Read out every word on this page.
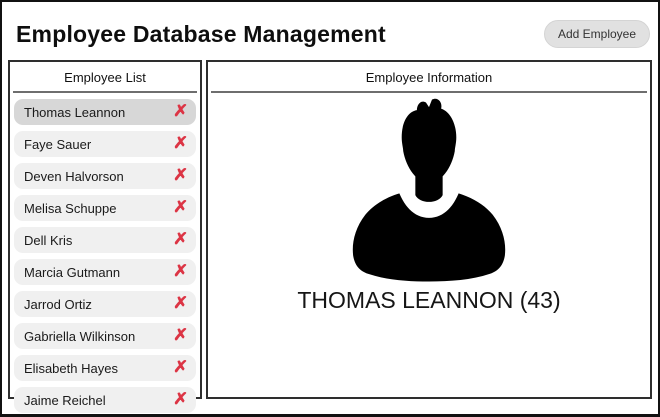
Employee Database Management	Add Employee
Employee List
Thomas Leannon	✗
Faye Sauer	✗
Deven Halvorson	✗
Melisa Schuppe	✗
Dell Kris	✗
Marcia Gutmann	✗
Jarrod Ortiz	✗
Gabriella Wilkinson ✗
Elisabeth Hayes	✗
Jaime Reichel	✗
Employee Information
THOMAS LEANNON (43)
